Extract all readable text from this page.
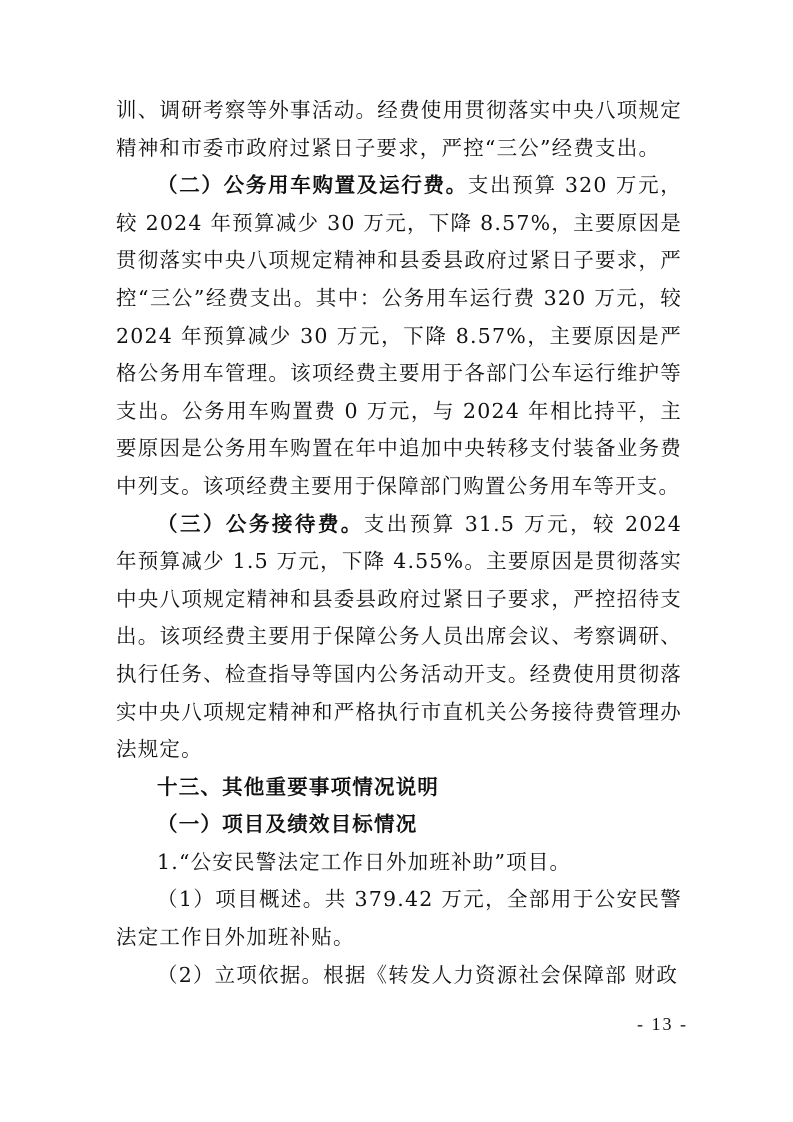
训、调研考察等外事活动。经费使用贯彻落实中央八项规定精神和市委市政府过紧日子要求，严控“三公”经费支出。

（二）公务用车购置及运行费。支出预算 320 万元，较 2024 年预算减少 30 万元，下降 8.57%，主要原因是贯彻落实中央八项规定精神和县委县政府过紧日子要求，严控“三公”经费支出。其中：公务用车运行费 320 万元，较 2024 年预算减少 30 万元，下降 8.57%，主要原因是严格公务用车管理。该项经费主要用于各部门公车运行维护等支出。公务用车购置费 0 万元，与 2024 年相比持平，主要原因是公务用车购置在年中追加中央转移支付装备业务费中列支。该项经费主要用于保障部门购置公务用车等开支。

（三）公务接待费。支出预算 31.5 万元，较 2024 年预算减少 1.5 万元，下降 4.55%。主要原因是贯彻落实中央八项规定精神和县委县政府过紧日子要求，严控招待支出。该项经费主要用于保障公务人员出席会议、考察调研、执行任务、检查指导等国内公务活动开支。经费使用贯彻落实中央八项规定精神和严格执行市直机关公务接待费管理办法规定。

十三、其他重要事项情况说明

（一）项目及绩效目标情况

1.“公安民警法定工作日外加班补助”项目。

（1）项目概述。共 379.42 万元，全部用于公安民警法定工作日外加班补贴。

（2）立项依据。根据《转发人力资源社会保障部 财政

- 13 -
